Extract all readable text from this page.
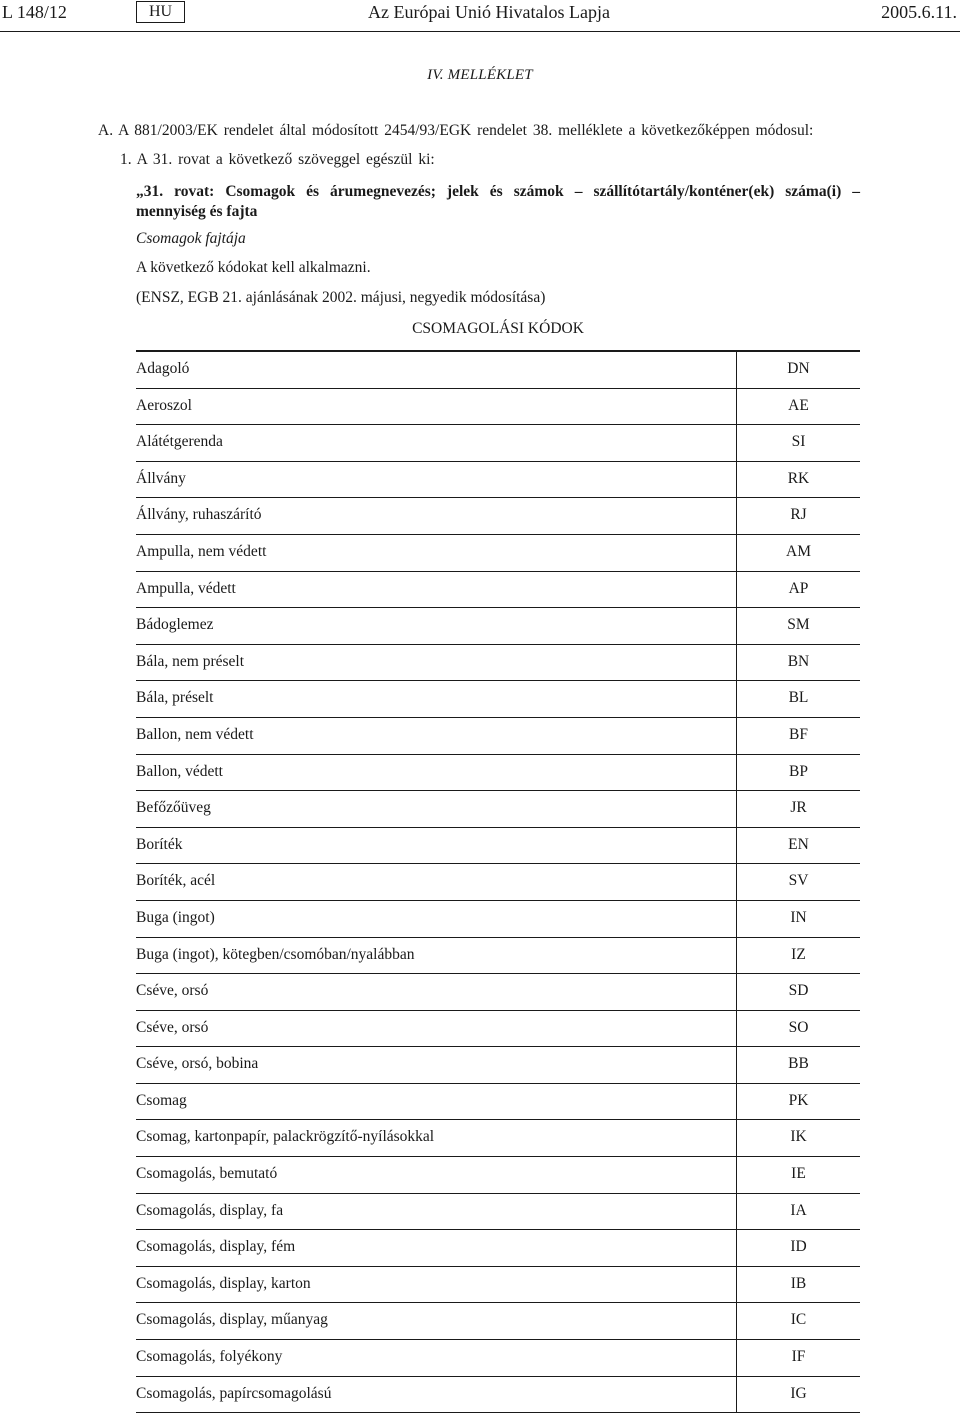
L 148/12	HU	Az Európai Unió Hivatalos Lapja	2005.6.11.
IV. MELLÉKLET
A. A 881/2003/EK rendelet által módosított 2454/93/EGK rendelet 38. melléklete a következőképpen módosul:
1. A 31. rovat a következő szöveggel egészül ki:
„31. rovat: Csomagok és árumegnevezés; jelek és számok – szállítótartály/konténer(ek) száma(i) –
mennyiség és fajta
Csomagok fajtája
A következő kódokat kell alkalmazni.
(ENSZ, EGB 21. ajánlásának 2002. májusi, negyedik módosítása)
CSOMAGOLÁSI KÓDOK
Adagoló	DN
Aeroszol	AE
Alátétgerenda	SI
Állvány	RK
Állvány, ruhaszárító	RJ
Ampulla, nem védett	AM
Ampulla, védett	AP
Bádoglemez	SM
Bála, nem préselt	BN
Bála, préselt	BL
Ballon, nem védett	BF
Ballon, védett	BP
Befőzőüveg	JR
Boríték	EN
Boríték, acél	SV
Buga (ingot)	IN
Buga (ingot), kötegben/csomóban/nyalábban	IZ
Cséve, orsó	SD
Cséve, orsó	SO
Cséve, orsó, bobina	BB
Csomag	PK
Csomag, kartonpapír, palackrögzítő-nyílásokkal	IK
Csomagolás, bemutató	IE
Csomagolás, display, fa	IA
Csomagolás, display, fém	ID
Csomagolás, display, karton	IB
Csomagolás, display, műanyag	IC
Csomagolás, folyékony	IF
Csomagolás, papírcsomagolású	IG
